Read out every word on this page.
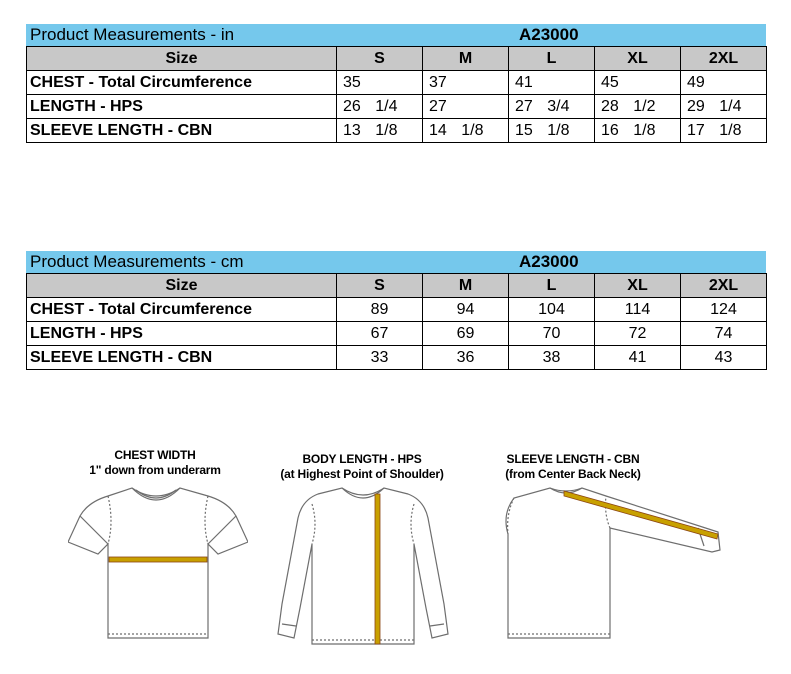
Product Measurements - in	A23000
Size	S	M	L	XL	2XL
CHEST - Total Circumference	35	37	41	45	49
LENGTH - HPS	26 1/4	27	27 3/4	28 1/2	29 1/4
SLEEVE LENGTH - CBN	13 1/8	14 1/8	15 1/8	16 1/8	17 1/8
Product Measurements - cm	A23000
Size	S	M	L	XL	2XL
CHEST - Total Circumference	89	94	104	114	124
LENGTH - HPS	67	69	70	72	74
SLEEVE LENGTH - CBN	33	36	38	41	43
CHEST WIDTH
1" down from underarm
BODY LENGTH - HPS
(at Highest Point of Shoulder)
SLEEVE LENGTH - CBN
(from Center Back Neck)
